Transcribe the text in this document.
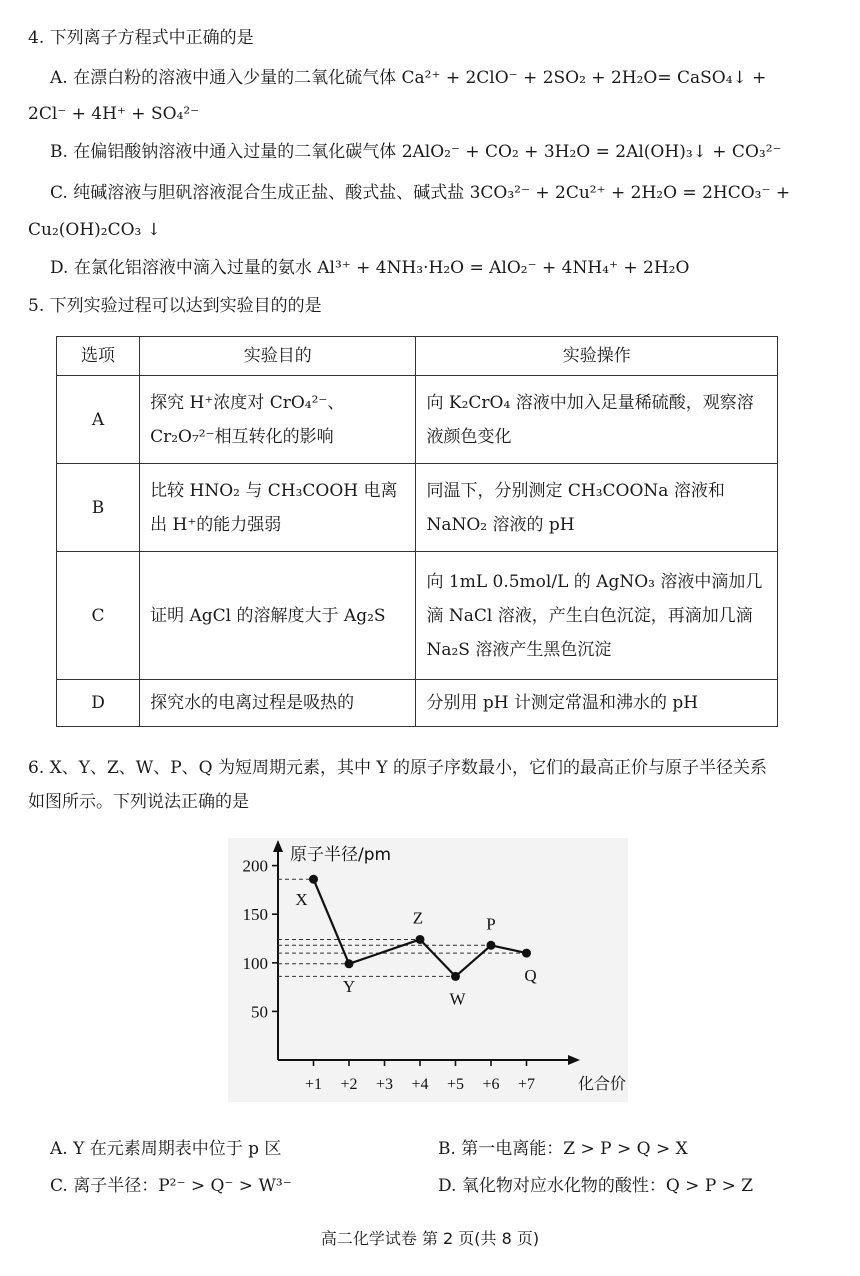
4. 下列离子方程式中正确的是
A. 在漂白粉的溶液中通入少量的二氧化硫气体 Ca²⁺ + 2ClO⁻ + 2SO₂ + 2H₂O= CaSO₄↓ +
2Cl⁻ + 4H⁺ + SO₄²⁻
B. 在偏铝酸钠溶液中通入过量的二氧化碳气体 2AlO₂⁻ + CO₂ + 3H₂O = 2Al(OH)₃↓ + CO₃²⁻
C. 纯碱溶液与胆矾溶液混合生成正盐、酸式盐、碱式盐 3CO₃²⁻ + 2Cu²⁺ + 2H₂O = 2HCO₃⁻ +
Cu₂(OH)₂CO₃ ↓
D. 在氯化铝溶液中滴入过量的氨水 Al³⁺ + 4NH₃·H₂O = AlO₂⁻ + 4NH₄⁺ + 2H₂O
5. 下列实验过程可以达到实验目的的是
选项	实验目的	实验操作
A	探究 H⁺浓度对 CrO₄²⁻、Cr₂O₇²⁻相互转化的影响	向 K₂CrO₄ 溶液中加入足量稀硫酸，观察溶液颜色变化
B	比较 HNO₂ 与 CH₃COOH 电离出 H⁺的能力强弱	同温下，分别测定 CH₃COONa 溶液和 NaNO₂ 溶液的 pH
C	证明 AgCl 的溶解度大于 Ag₂S	向 1mL 0.5mol/L 的 AgNO₃ 溶液中滴加几滴 NaCl 溶液，产生白色沉淀，再滴加几滴 Na₂S 溶液产生黑色沉淀
D	探究水的电离过程是吸热的	分别用 pH 计测定常温和沸水的 pH
6. X、Y、Z、W、P、Q 为短周期元素，其中 Y 的原子序数最小，它们的最高正价与原子半径关系
如图所示。下列说法正确的是
50
100
150
200
+1 +2 +3 +4 +5 +6 +7
原子半径/pm
化合价
X
Y
Z
W
P
Q
A. Y 在元素周期表中位于 p 区	B. 第一电离能：Z > P > Q > X
C. 离子半径：P²⁻ > Q⁻ > W³⁻	D. 氧化物对应水化物的酸性：Q > P > Z
高二化学试卷 第 2 页(共 8 页)
